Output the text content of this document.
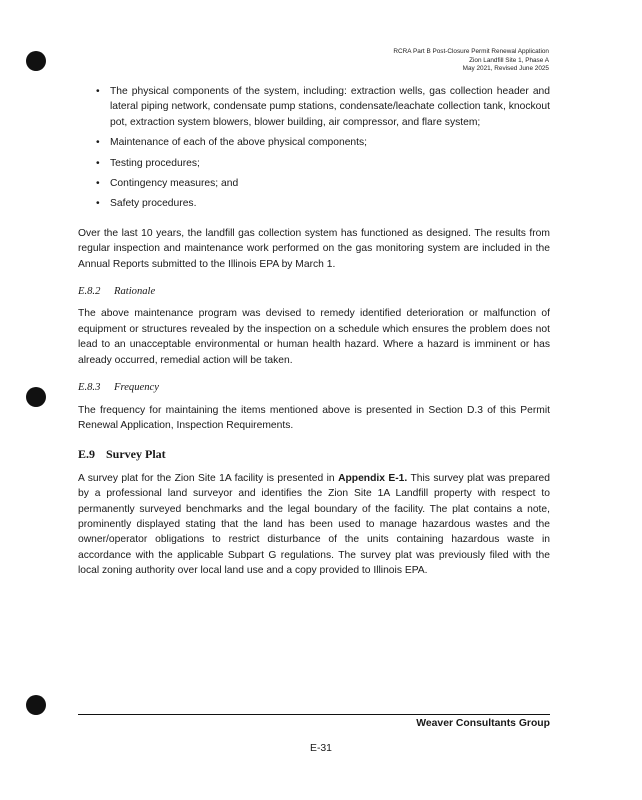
RCRA Part B Post-Closure Permit Renewal Application
Zion Landfill Site 1, Phase A
May 2021, Revised June 2025
• The physical components of the system, including: extraction wells, gas collection header and lateral piping network, condensate pump stations, condensate/leachate collection tank, knockout pot, extraction system blowers, blower building, air compressor, and flare system;
• Maintenance of each of the above physical components;
• Testing procedures;
• Contingency measures; and
• Safety procedures.

Over the last 10 years, the landfill gas collection system has functioned as designed. The results from regular inspection and maintenance work performed on the gas monitoring system are included in the Annual Reports submitted to the Illinois EPA by March 1.

E.8.2 Rationale

The above maintenance program was devised to remedy identified deterioration or malfunction of equipment or structures revealed by the inspection on a schedule which ensures the problem does not lead to an unacceptable environmental or human health hazard. Where a hazard is imminent or has already occurred, remedial action will be taken.

E.8.3 Frequency

The frequency for maintaining the items mentioned above is presented in Section D.3 of this Permit Renewal Application, Inspection Requirements.

E.9 Survey Plat

A survey plat for the Zion Site 1A facility is presented in Appendix E-1. This survey plat was prepared by a professional land surveyor and identifies the Zion Site 1A Landfill property with respect to permanently surveyed benchmarks and the legal boundary of the facility. The plat contains a note, prominently displayed stating that the land has been used to manage hazardous wastes and the owner/operator obligations to restrict disturbance of the units containing hazardous waste in accordance with the applicable Subpart G regulations. The survey plat was previously filed with the local zoning authority over local land use and a copy provided to Illinois EPA.

Weaver Consultants Group
E-31
